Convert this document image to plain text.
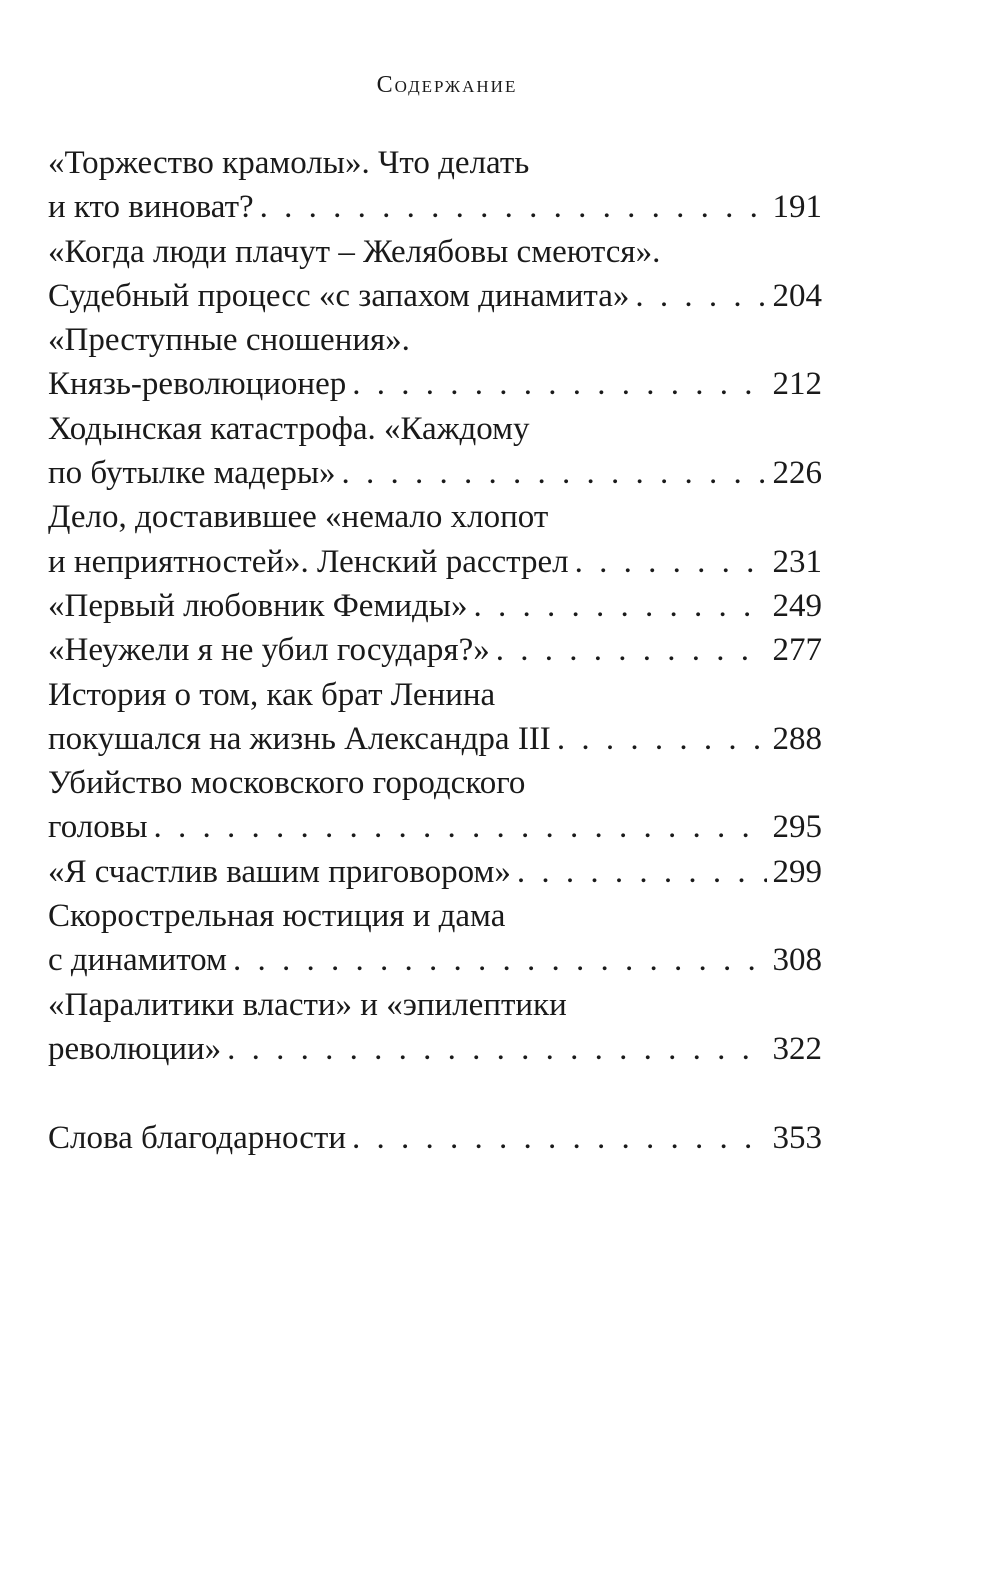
Содержание
«Торжество крамолы». Что делать
и кто виноват? . . .	191
«Когда люди плачут – Желябовы смеются».
Судебный процесс «с запахом динамита» . . .	204
«Преступные сношения».
Князь-революционер . . .	212
Ходынская катастрофа. «Каждому
по бутылке мадеры» . . .	226
Дело, доставившее «немало хлопот
и неприятностей». Ленский расстрел . . .	231
«Первый любовник Фемиды» . . .	249
«Неужели я не убил государя?» . . .	277
История о том, как брат Ленина
покушался на жизнь Александра III . . .	288
Убийство московского городского
головы . . .	295
«Я счастлив вашим приговором» . . .	299
Скорострельная юстиция и дама
с динамитом . . .	308
«Паралитики власти» и «эпилептики
революции» . . .	322
Слова благодарности . . .	353
